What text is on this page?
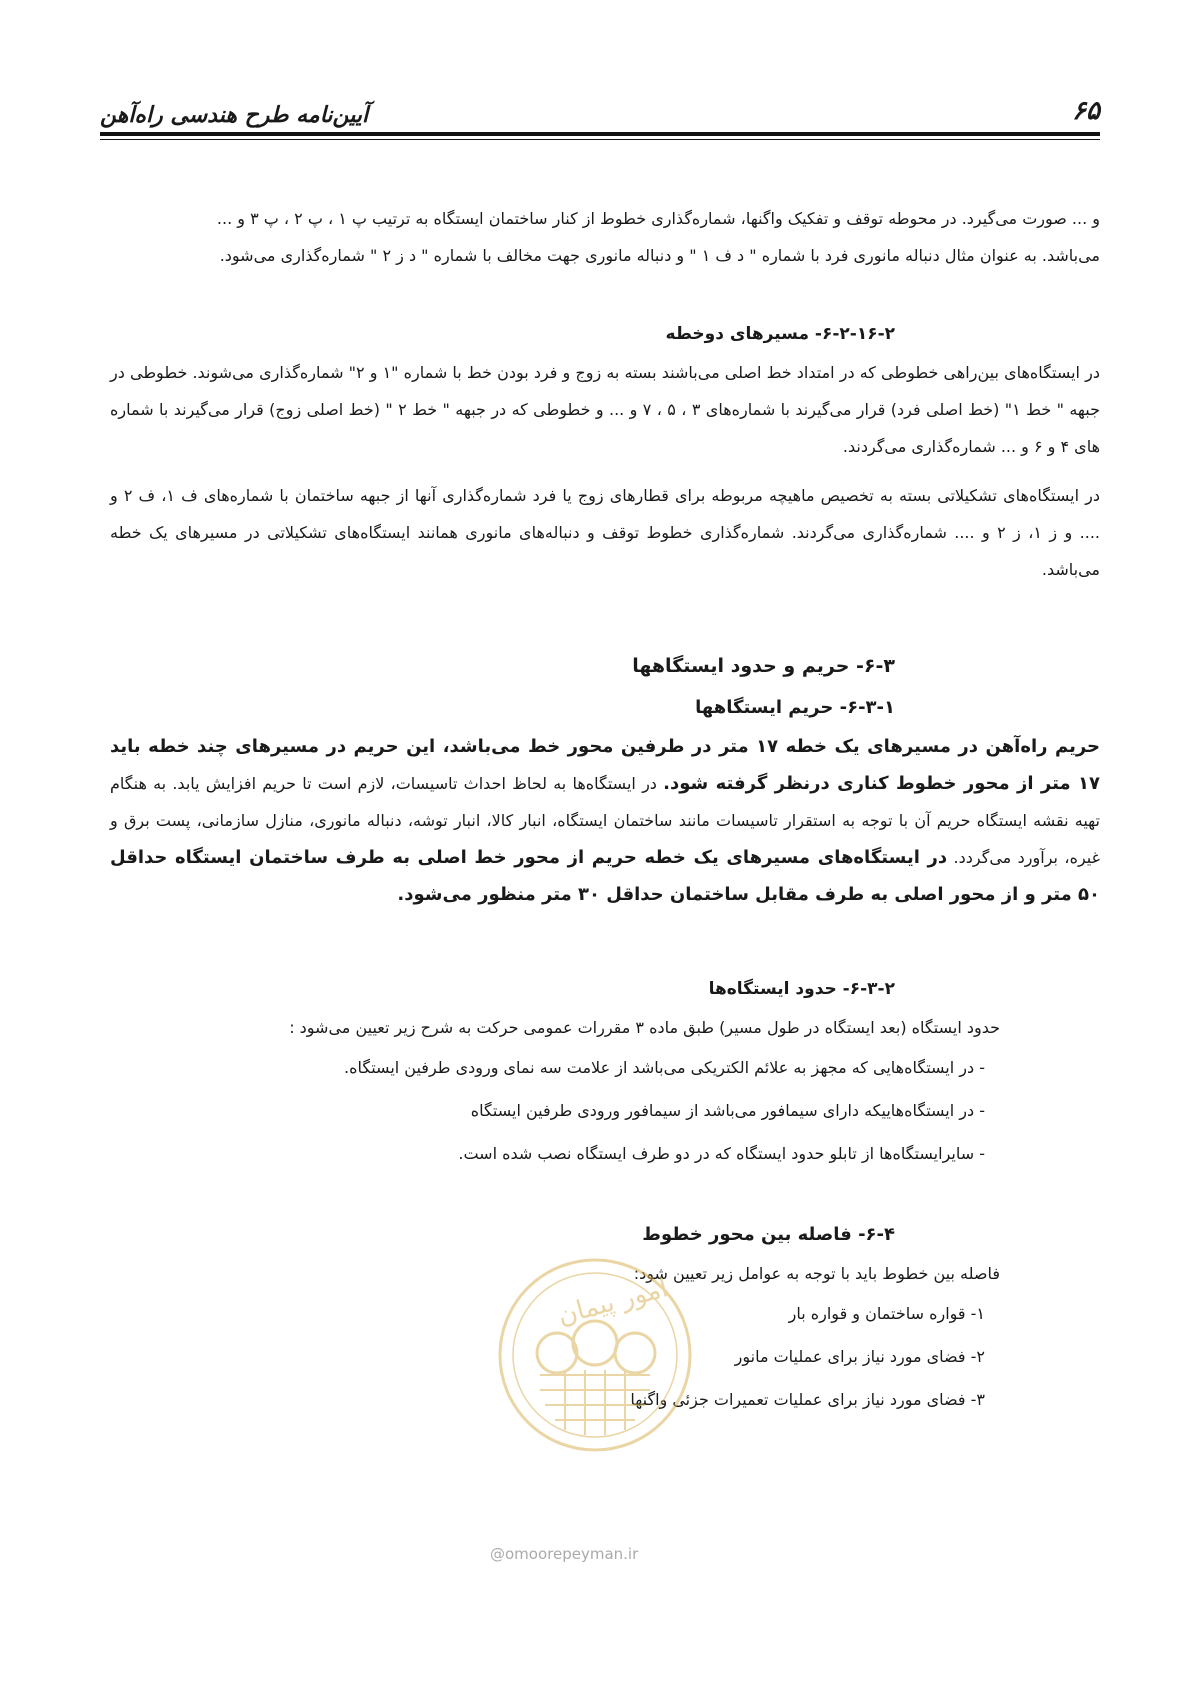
۶۵
آیین‌نامه طرح هندسی راه‌آهن

و ... صورت می‌گیرد. در محوطه توقف و تفکیک واگنها، شماره‌گذاری خطوط از کنار ساختمان ایستگاه به ترتیب پ ۱ ، پ ۲ ، پ ۳ و ...

می‌باشد. به عنوان مثال دنباله مانوری فرد با شماره " د ف ۱ " و دنباله مانوری جهت مخالف با شماره " د ز ۲ " شماره‌گذاری می‌شود.

۶-۲-۱۶-۲- مسیرهای دوخطه

در ایستگاه‌های بین‌راهی خطوطی که در امتداد خط اصلی می‌باشند بسته به زوج و فرد بودن خط با شماره "۱ و ۲" شماره‌گذاری می‌شوند. خطوطی در جبهه " خط ۱" (خط اصلی فرد) قرار می‌گیرند با شماره‌های ۳ ، ۵ ، ۷ و ... و خطوطی که در جبهه " خط ۲ " (خط اصلی زوج) قرار می‌گیرند با شماره های ۴ و ۶ و ... شماره‌گذاری می‌گردند.

در ایستگاه‌های تشکیلاتی بسته به تخصیص ماهیچه مربوطه برای قطارهای زوج یا فرد شماره‌گذاری آنها از جبهه ساختمان با شماره‌های ف ۱، ف ۲ و .... و ز ۱، ز ۲ و .... شماره‌گذاری می‌گردند. شماره‌گذاری خطوط توقف و دنباله‌های مانوری همانند ایستگاه‌های تشکیلاتی در مسیرهای یک خطه می‌باشد.

۶-۳- حریم و حدود ایستگاهها

۶-۳-۱- حریم ایستگاهها

حریم راه‌آهن در مسیرهای یک خطه ۱۷ متر در طرفین محور خط می‌باشد، این حریم در مسیرهای چند خطه باید ۱۷ متر از محور خطوط کناری درنظر گرفته شود. در ایستگاه‌ها به لحاظ احداث تاسیسات، لازم است تا حریم افزایش یابد. به هنگام تهیه نقشه ایستگاه حریم آن با توجه به استقرار تاسیسات مانند ساختمان ایستگاه، انبار کالا، انبار توشه، دنباله مانوری، منازل سازمانی، پست برق و غیره، برآورد می‌گردد. در ایستگاه‌های مسیرهای یک خطه حریم از محور خط اصلی به طرف ساختمان ایستگاه حداقل ۵۰ متر و از محور اصلی به طرف مقابل ساختمان حداقل ۳۰ متر منظور می‌شود.

۶-۳-۲- حدود ایستگاه‌ها

حدود ایستگاه (بعد ایستگاه در طول مسیر) طبق ماده ۳ مقررات عمومی حرکت به شرح زیر تعیین می‌شود :

- در ایستگاه‌هایی که مجهز به علائم الکتریکی می‌باشد از علامت سه نمای ورودی طرفین ایستگاه.

- در ایستگاه‌هاییکه دارای سیمافور می‌باشد از سیمافور ورودی طرفین ایستگاه

- سایرایستگاه‌ها از تابلو حدود ایستگاه که در دو طرف ایستگاه نصب شده است.

۶-۴- فاصله بین محور خطوط

فاصله بین خطوط باید با توجه به عوامل زیر تعیین شود:

۱- قواره ساختمان و قواره بار

۲- فضای مورد نیاز برای عملیات مانور

۳- فضای مورد نیاز برای عملیات تعمیرات جزئی واگنها

امور پیمان
@omoorepeyman.ir
